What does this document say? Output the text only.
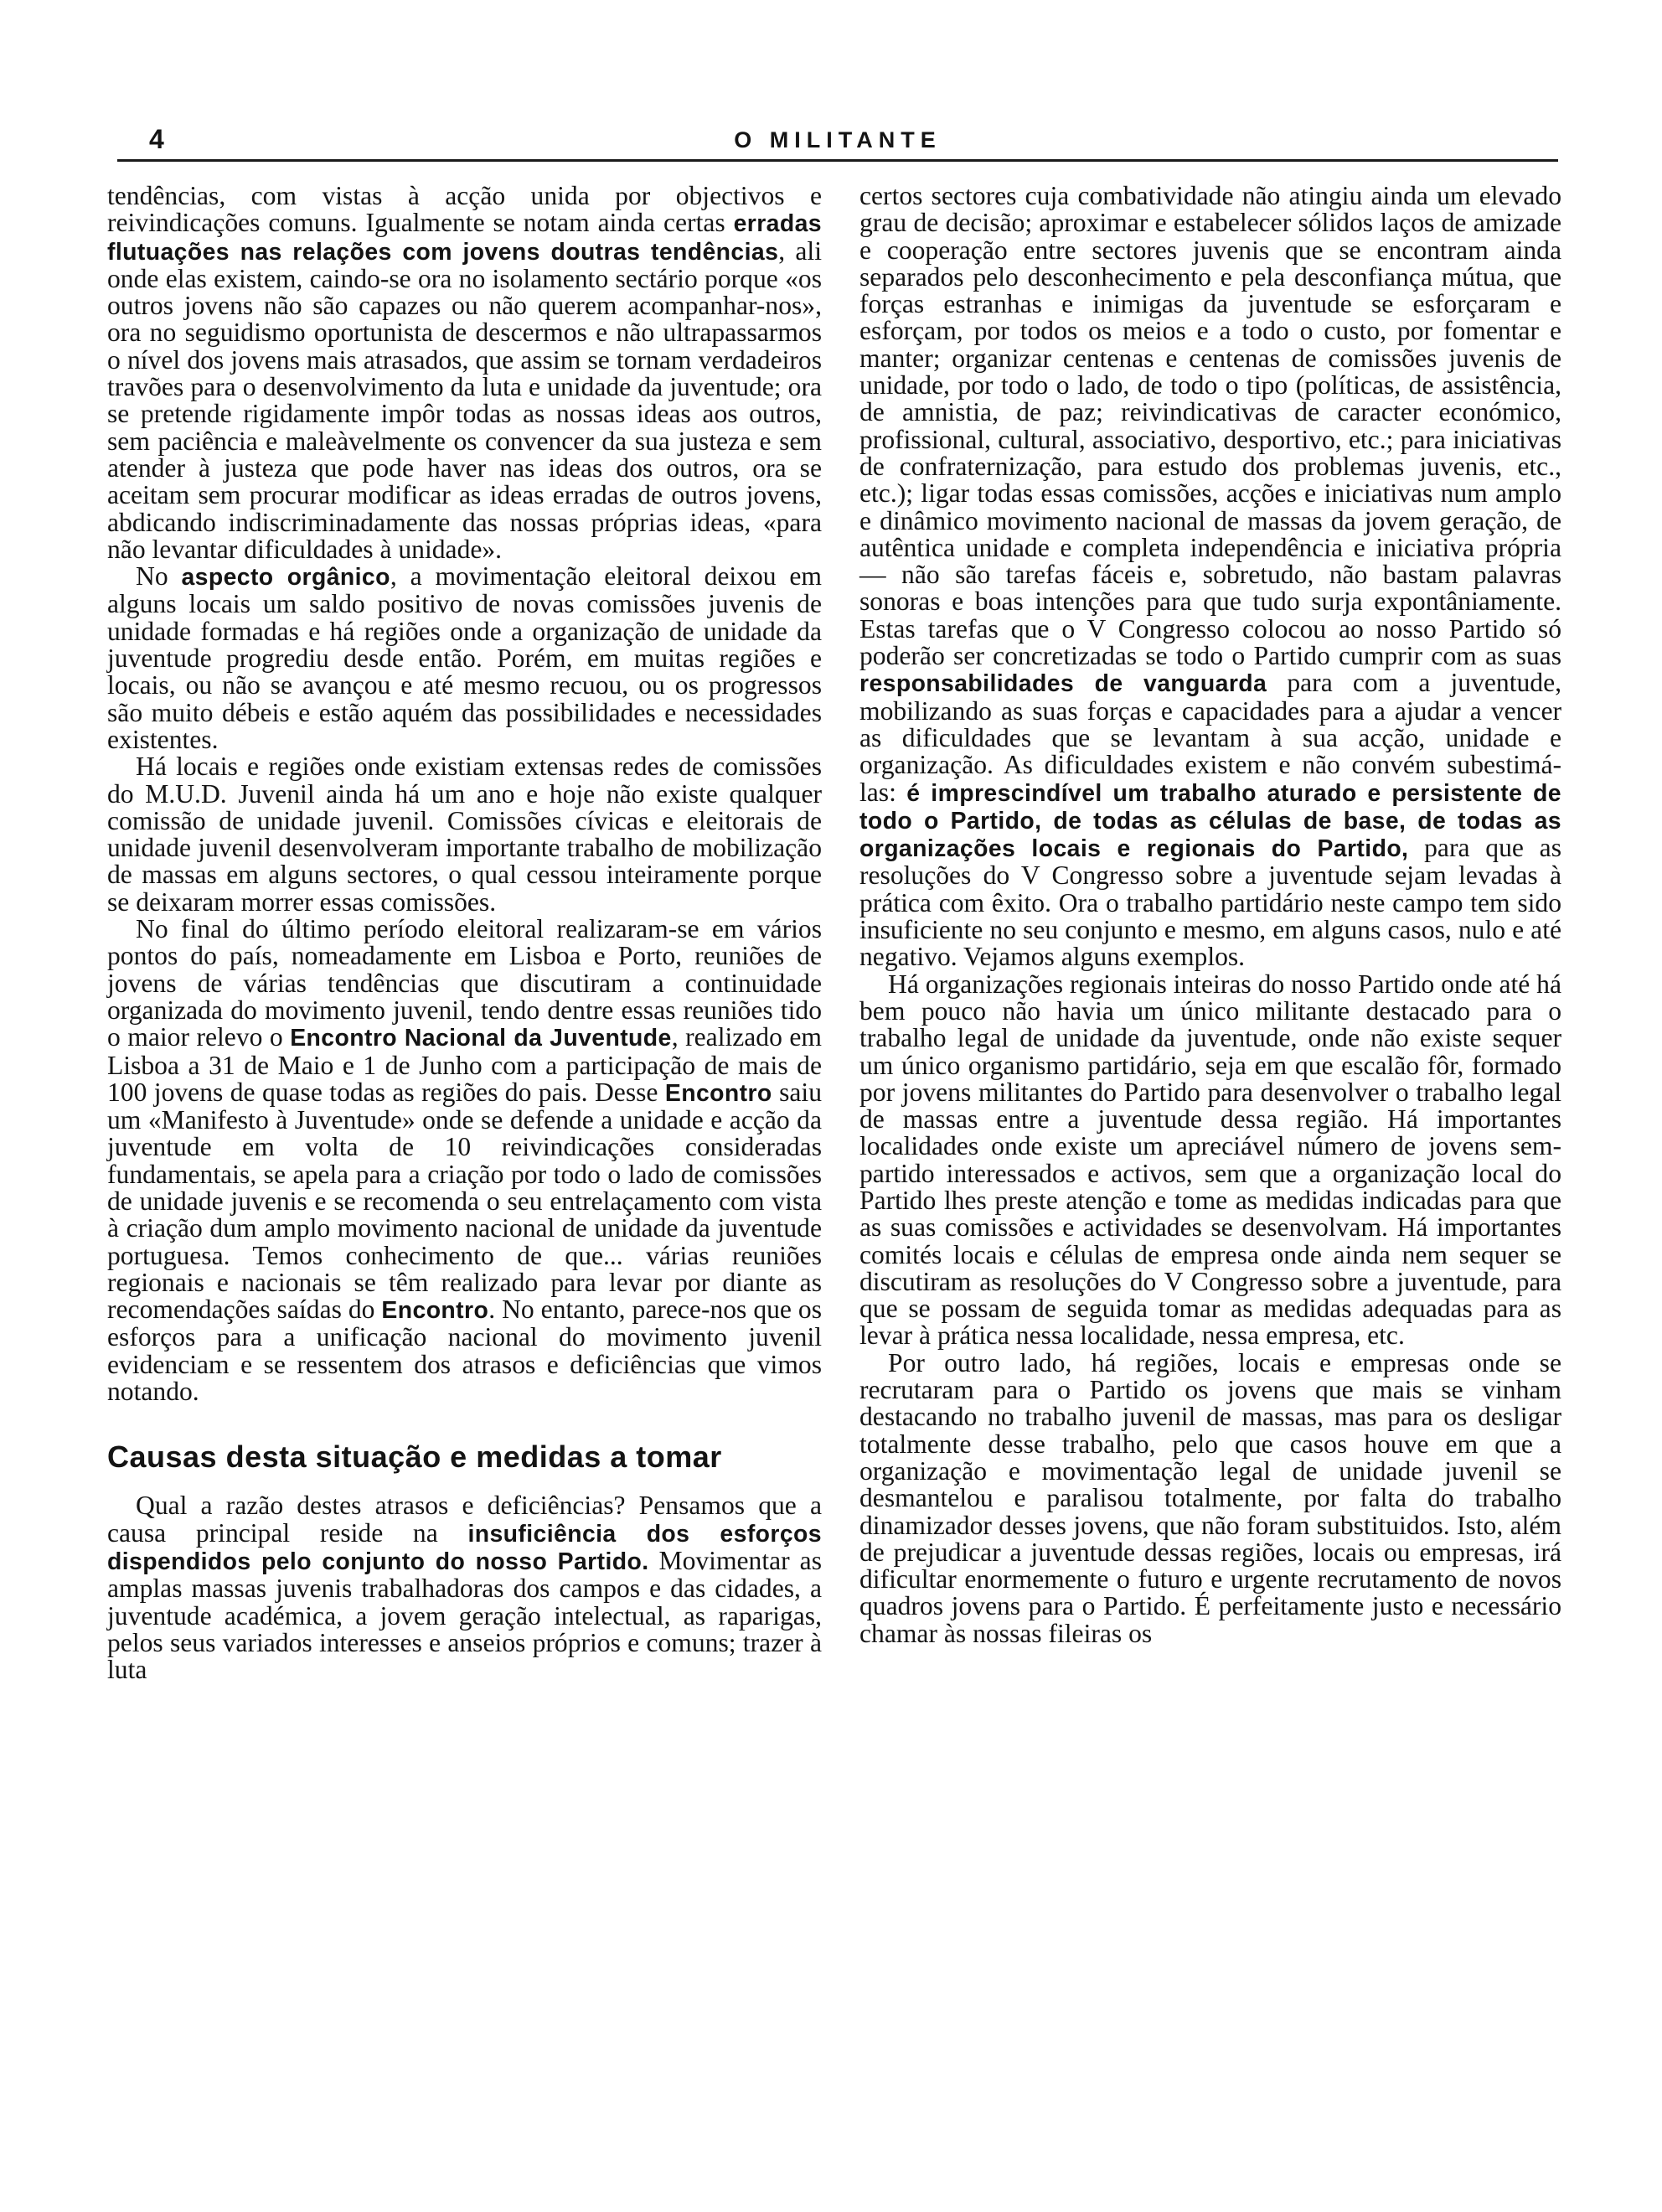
4	O MILITANTE

tendências, com vistas à acção unida por objectivos e reivindicações comuns. Igualmente se notam ainda certas erradas flutuações nas relações com jovens doutras tendências, ali onde elas existem, caindo-se ora no isolamento sectário porque «os outros jovens não são capazes ou não querem acompanhar-nos», ora no seguidismo oportunista de descermos e não ultrapassarmos o nível dos jovens mais atrasados, que assim se tornam verdadeiros travões para o desenvolvimento da luta e unidade da juventude; ora se pretende rigidamente impôr todas as nossas ideas aos outros, sem paciência e maleàvelmente os convencer da sua justeza e sem atender à justeza que pode haver nas ideas dos outros, ora se aceitam sem procurar modificar as ideas erradas de outros jovens, abdicando indiscriminadamente das nossas próprias ideas, «para não levantar dificuldades à unidade».

No aspecto orgânico, a movimentação eleitoral deixou em alguns locais um saldo positivo de novas comissões juvenis de unidade formadas e há regiões onde a organização de unidade da juventude progrediu desde então. Porém, em muitas regiões e locais, ou não se avançou e até mesmo recuou, ou os progressos são muito débeis e estão aquém das possibilidades e necessidades existentes.

Há locais e regiões onde existiam extensas redes de comissões do M.U.D. Juvenil ainda há um ano e hoje não existe qualquer comissão de unidade juvenil. Comissões cívicas e eleitorais de unidade juvenil desenvolveram importante trabalho de mobilização de massas em alguns sectores, o qual cessou inteiramente porque se deixaram morrer essas comissões.

No final do último período eleitoral realizaram-se em vários pontos do país, nomeadamente em Lisboa e Porto, reuniões de jovens de várias tendências que discutiram a continuidade organizada do movimento juvenil, tendo dentre essas reuniões tido o maior relevo o Encontro Nacional da Juventude, realizado em Lisboa a 31 de Maio e 1 de Junho com a participação de mais de 100 jovens de quase todas as regiões do pais. Desse Encontro saiu um «Manifesto à Juventude» onde se defende a unidade e acção da juventude em volta de 10 reivindicações consideradas fundamentais, se apela para a criação por todo o lado de comissões de unidade juvenis e se recomenda o seu entrelaçamento com vista à criação dum amplo movimento nacional de unidade da juventude portuguesa. Temos conhecimento de que... várias reuniões regionais e nacionais se têm realizado para levar por diante as recomendações saídas do Encontro. No entanto, parece-nos que os esforços para a unificação nacional do movimento juvenil evidenciam e se ressentem dos atrasos e deficiências que vimos notando.

Causas desta situação e medidas a tomar

Qual a razão destes atrasos e deficiências? Pensamos que a causa principal reside na insuficiência dos esforços dispendidos pelo conjunto do nosso Partido. Movimentar as amplas massas juvenis trabalhadoras dos campos e das cidades, a juventude académica, a jovem geração intelectual, as raparigas, pelos seus variados interesses e anseios próprios e comuns; trazer à luta

certos sectores cuja combatividade não atingiu ainda um elevado grau de decisão; aproximar e estabelecer sólidos laços de amizade e cooperação entre sectores juvenis que se encontram ainda separados pelo desconhecimento e pela desconfiança mútua, que forças estranhas e inimigas da juventude se esforçaram e esforçam, por todos os meios e a todo o custo, por fomentar e manter; organizar centenas e centenas de comissões juvenis de unidade, por todo o lado, de todo o tipo (políticas, de assistência, de amnistia, de paz; reivindicativas de caracter económico, profissional, cultural, associativo, desportivo, etc.; para iniciativas de confraternização, para estudo dos problemas juvenis, etc., etc.); ligar todas essas comissões, acções e iniciativas num amplo e dinâmico movimento nacional de massas da jovem geração, de autêntica unidade e completa independência e iniciativa própria — não são tarefas fáceis e, sobretudo, não bastam palavras sonoras e boas intenções para que tudo surja expontâniamente. Estas tarefas que o V Congresso colocou ao nosso Partido só poderão ser concretizadas se todo o Partido cumprir com as suas responsabilidades de vanguarda para com a juventude, mobilizando as suas forças e capacidades para a ajudar a vencer as dificuldades que se levantam à sua acção, unidade e organização. As dificuldades existem e não convém subestimá-las: é imprescindível um trabalho aturado e persistente de todo o Partido, de todas as células de base, de todas as organizações locais e regionais do Partido, para que as resoluções do V Congresso sobre a juventude sejam levadas à prática com êxito. Ora o trabalho partidário neste campo tem sido insuficiente no seu conjunto e mesmo, em alguns casos, nulo e até negativo. Vejamos alguns exemplos.

Há organizações regionais inteiras do nosso Partido onde até há bem pouco não havia um único militante destacado para o trabalho legal de unidade da juventude, onde não existe sequer um único organismo partidário, seja em que escalão fôr, formado por jovens militantes do Partido para desenvolver o trabalho legal de massas entre a juventude dessa região. Há importantes localidades onde existe um apreciável número de jovens sem-partido interessados e activos, sem que a organização local do Partido lhes preste atenção e tome as medidas indicadas para que as suas comissões e actividades se desenvolvam. Há importantes comités locais e células de empresa onde ainda nem sequer se discutiram as resoluções do V Congresso sobre a juventude, para que se possam de seguida tomar as medidas adequadas para as levar à prática nessa localidade, nessa empresa, etc.

Por outro lado, há regiões, locais e empresas onde se recrutaram para o Partido os jovens que mais se vinham destacando no trabalho juvenil de massas, mas para os desligar totalmente desse trabalho, pelo que casos houve em que a organização e movimentação legal de unidade juvenil se desmantelou e paralisou totalmente, por falta do trabalho dinamizador desses jovens, que não foram substituidos. Isto, além de prejudicar a juventude dessas regiões, locais ou empresas, irá dificultar enormemente o futuro e urgente recrutamento de novos quadros jovens para o Partido. É perfeitamente justo e necessário chamar às nossas fileiras os
